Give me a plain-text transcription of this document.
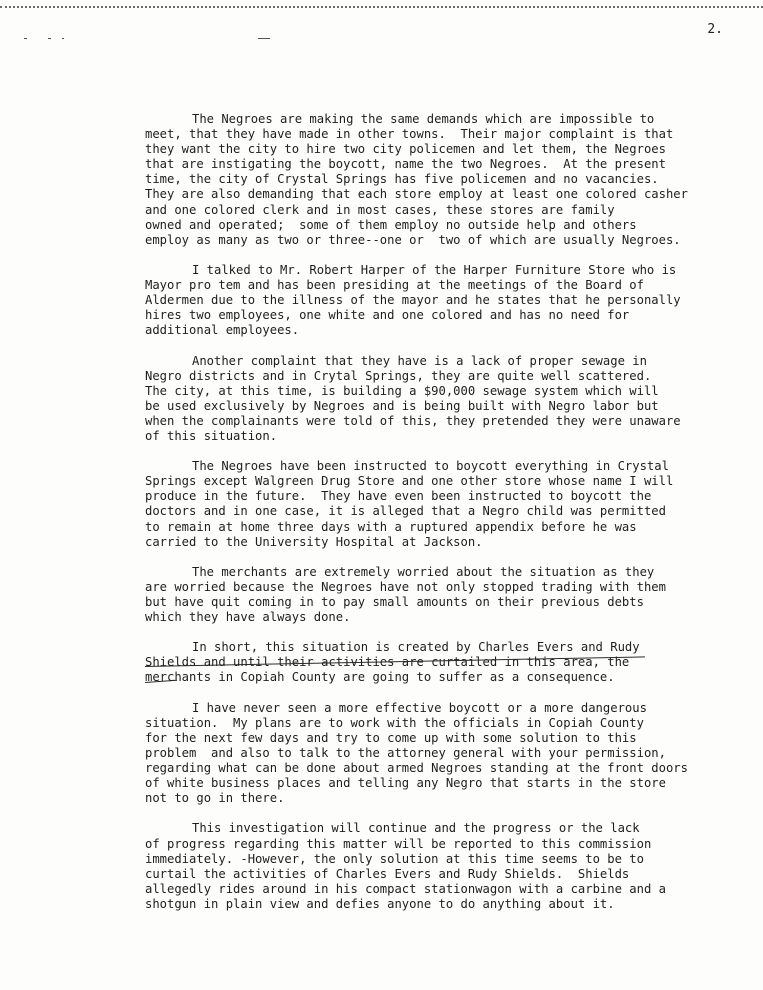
2.
The Negroes are making the same demands which are impossible to
meet, that they have made in other towns.  Their major complaint is that
they want the city to hire two city policemen and let them, the Negroes
that are instigating the boycott, name the two Negroes.  At the present
time, the city of Crystal Springs has five policemen and no vacancies.
They are also demanding that each store employ at least one colored casher
and one colored clerk and in most cases, these stores are family
owned and operated;  some of them employ no outside help and others
employ as many as two or three--one or  two of which are usually Negroes.
I talked to Mr. Robert Harper of the Harper Furniture Store who is
Mayor pro tem and has been presiding at the meetings of the Board of
Aldermen due to the illness of the mayor and he states that he personally
hires two employees, one white and one colored and has no need for
additional employees.
Another complaint that they have is a lack of proper sewage in
Negro districts and in Crytal Springs, they are quite well scattered.
The city, at this time, is building a $90,000 sewage system which will
be used exclusively by Negroes and is being built with Negro labor but
when the complainants were told of this, they pretended they were unaware
of this situation.
The Negroes have been instructed to boycott everything in Crystal
Springs except Walgreen Drug Store and one other store whose name I will
produce in the future.  They have even been instructed to boycott the
doctors and in one case, it is alleged that a Negro child was permitted
to remain at home three days with a ruptured appendix before he was
carried to the University Hospital at Jackson.
The merchants are extremely worried about the situation as they
are worried because the Negroes have not only stopped trading with them
but have quit coming in to pay small amounts on their previous debts
which they have always done.
In short, this situation is created by Charles Evers and Rudy
Shields and until their activities are curtailed in this area, the
merchants in Copiah County are going to suffer as a consequence.
I have never seen a more effective boycott or a more dangerous
situation.  My plans are to work with the officials in Copiah County
for the next few days and try to come up with some solution to this
problem  and also to talk to the attorney general with your permission,
regarding what can be done about armed Negroes standing at the front doors
of white business places and telling any Negro that starts in the store
not to go in there.
This investigation will continue and the progress or the lack
of progress regarding this matter will be reported to this commission
immediately. -However, the only solution at this time seems to be to
curtail the activities of Charles Evers and Rudy Shields.  Shields
allegedly rides around in his compact stationwagon with a carbine and a
shotgun in plain view and defies anyone to do anything about it.
